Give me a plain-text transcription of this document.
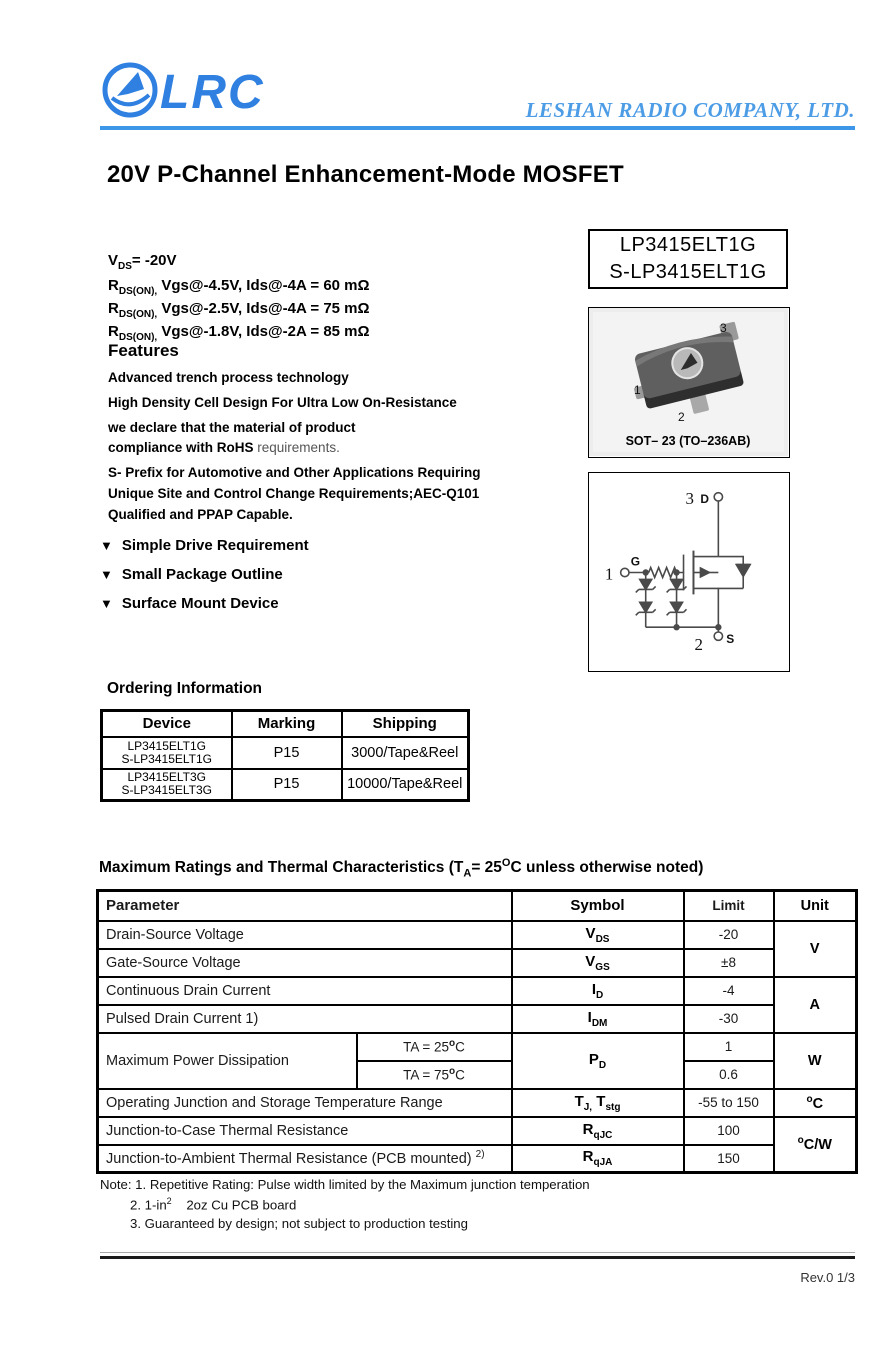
LRC	LESHAN RADIO COMPANY, LTD.
20V P-Channel Enhancement-Mode MOSFET
$V_{DS}= -20V$
$R_{DS(ON),}$ Vgs@-4.5V, Ids@-4A = 60 mΩ
$R_{DS(ON),}$ Vgs@-2.5V, Ids@-4A = 75 mΩ
$R_{DS(ON),}$ Vgs@-1.8V, Ids@-2A = 85 mΩ
Features
Advanced trench process technology
High Density Cell Design For Ultra Low On-Resistance
we declare that the material of product
compliance with RoHS requirements.
S- Prefix for Automotive and Other Applications Requiring
Unique Site and Control Change Requirements;AEC-Q101
Qualified and PPAP Capable.
▼ Simple Drive Requirement
▼ Small Package Outline
▼ Surface Mount Device
LP3415ELT1G
S-LP3415ELT1G
1
2
3
SOT– 23 (TO–236AB)
3 D
1
G
2 S
Ordering Information
Device	Marking	Shipping

LP3415ELT1G
S-LP3415ELT1G	P15	3000/Tape&Reel

LP3415ELT3G
S-LP3415ELT3G	P15	10000/Tape&Reel
Maximum Ratings and Thermal Characteristics ($T_A= 25^OC$ unless otherwise noted)
Parameter		Symbol	Limit	Unit
Drain-Source Voltage		$V_{DS}$	-20	V
Gate-Source Voltage		$V_{GS}$	±8	
Continuous Drain Current		$I_D$	-4	A
Pulsed Drain Current 1)		$I_{DM}$	-30	
Maximum Power Dissipation	TA = $25^oC$	$P_D$	1	W
	TA = $75^oC$		0.6	
Operating Junction and Storage Temperature Range		$T_{J,}$ $T_{stg}$	-55 to 150	$^o$C
Junction-to-Case Thermal Resistance		$R_{qJC}$	100	$^o$C/W
Junction-to-Ambient Thermal Resistance (PCB mounted) $^{2)}$		$R_{qJA}$	150	
Note: 1. Repetitive Rating: Pulse width limited by the Maximum junction temperation
2. $1-in^2$    2oz Cu PCB board
3. Guaranteed by design; not subject to production testing
Rev.0 1/3
